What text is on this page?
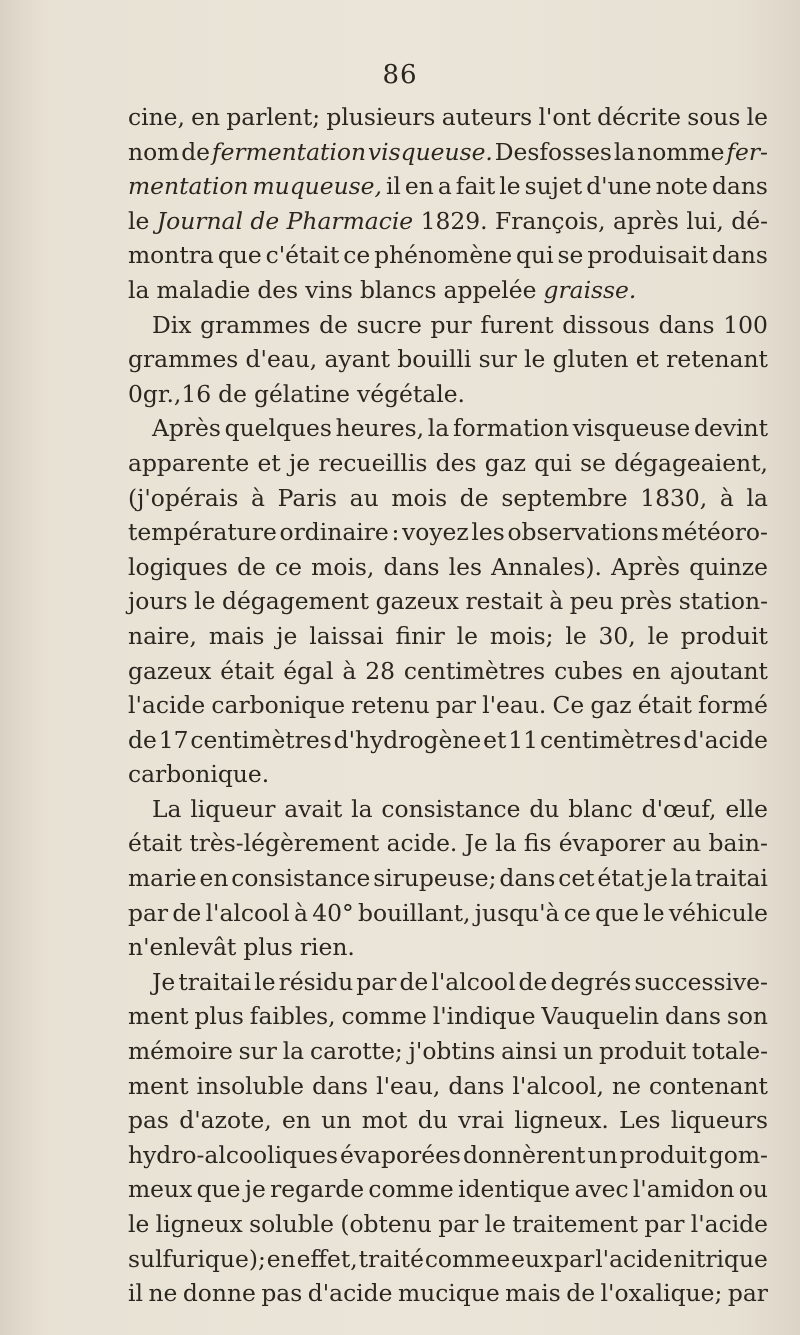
86
cine, en parlent; plusieurs auteurs l'ont décrite sous le
nom de fermentation visqueuse. Desfosses la nomme fer-
mentation muqueuse, il en a fait le sujet d'une note dans
le Journal de Pharmacie 1829. François, après lui, dé-
montra que c'était ce phénomène qui se produisait dans
la maladie des vins blancs appelée graisse.
Dix grammes de sucre pur furent dissous dans 100
grammes d'eau, ayant bouilli sur le gluten et retenant
0gr.,16 de gélatine végétale.
Après quelques heures, la formation visqueuse devint
apparente et je recueillis des gaz qui se dégageaient,
(j'opérais à Paris au mois de septembre 1830, à la
température ordinaire : voyez les observations météoro-
logiques de ce mois, dans les Annales). Après quinze
jours le dégagement gazeux restait à peu près station-
naire, mais je laissai finir le mois; le 30, le produit
gazeux était égal à 28 centimètres cubes en ajoutant
l'acide carbonique retenu par l'eau. Ce gaz était formé
de 17 centimètres d'hydrogène et 11 centimètres d'acide
carbonique.
La liqueur avait la consistance du blanc d'œuf, elle
était très-légèrement acide. Je la fis évaporer au bain-
marie en consistance sirupeuse; dans cet état je la traitai
par de l'alcool à 40° bouillant, jusqu'à ce que le véhicule
n'enlevât plus rien.
Je traitai le résidu par de l'alcool de degrés successive-
ment plus faibles, comme l'indique Vauquelin dans son
mémoire sur la carotte; j'obtins ainsi un produit totale-
ment insoluble dans l'eau, dans l'alcool, ne contenant
pas d'azote, en un mot du vrai ligneux. Les liqueurs
hydro-alcooliques évaporées donnèrent un produit gom-
meux que je regarde comme identique avec l'amidon ou
le ligneux soluble (obtenu par le traitement par l'acide
sulfurique); en effet, traité comme eux par l'acide nitrique
il ne donne pas d'acide mucique mais de l'oxalique; par
